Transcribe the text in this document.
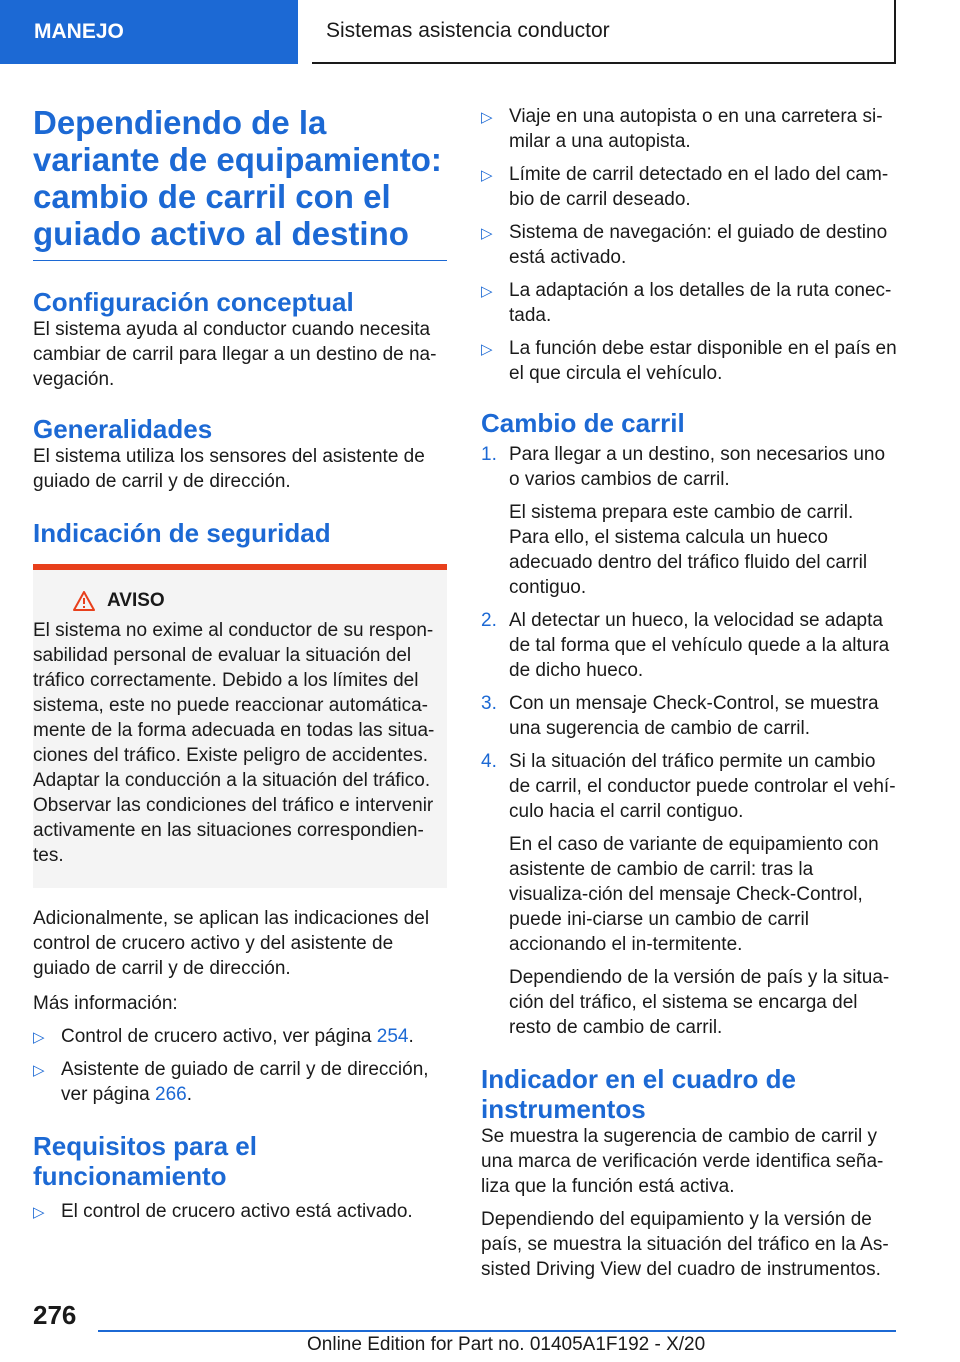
MANEJO	Sistemas asistencia conductor
Dependiendo de la variante de equipamiento: cambio de carril con el guiado activo al destino
Configuración conceptual

El sistema ayuda al conductor cuando necesita cambiar de carril para llegar a un destino de na-vegación.

Generalidades

El sistema utiliza los sensores del asistente de guiado de carril y de dirección.

Indicación de seguridad
AVISO

El sistema no exime al conductor de su respon-sabilidad personal de evaluar la situación del tráfico correctamente. Debido a los límites del sistema, este no puede reaccionar automática-mente de la forma adecuada en todas las situa-ciones del tráfico. Existe peligro de accidentes. Adaptar la conducción a la situación del tráfico. Observar las condiciones del tráfico e intervenir activamente en las situaciones correspondien-tes.

Adicionalmente, se aplican las indicaciones del control de crucero activo y del asistente de guiado de carril y de dirección.

Más información:

▷ Control de crucero activo, ver página 254.
▷ Asistente de guiado de carril y de dirección, ver página 266.
Requisitos para el funcionamiento
▷ El control de crucero activo está activado.
▷ Viaje en una autopista o en una carretera si-milar a una autopista.
▷ Límite de carril detectado en el lado del cam-bio de carril deseado.
▷ Sistema de navegación: el guiado de destino está activado.
▷ La adaptación a los detalles de la ruta conec-tada.
▷ La función debe estar disponible en el país en el que circula el vehículo.
Cambio de carril
1. Para llegar a un destino, son necesarios uno o varios cambios de carril.

El sistema prepara este cambio de carril. Para ello, el sistema calcula un hueco adecuado dentro del tráfico fluido del carril contiguo.

2. Al detectar un hueco, la velocidad se adapta de tal forma que el vehículo quede a la altura de dicho hueco.
3. Con un mensaje Check-Control, se muestra una sugerencia de cambio de carril.
4. Si la situación del tráfico permite un cambio de carril, el conductor puede controlar el vehí-culo hacia el carril contiguo.

En el caso de variante de equipamiento con asistente de cambio de carril: tras la visualiza-ción del mensaje Check-Control, puede ini-ciarse un cambio de carril accionando el in-termitente.

Dependiendo de la versión de país y la situa-ción del tráfico, el sistema se encarga del resto de cambio de carril.

Indicador en el cuadro de instrumentos

Se muestra la sugerencia de cambio de carril y una marca de verificación verde identifica seña-liza que la función está activa.

Dependiendo del equipamiento y la versión de país, se muestra la situación del tráfico en la As-sisted Driving View del cuadro de instrumentos.

276
Online Edition for Part no. 01405A1F192 - X/20
